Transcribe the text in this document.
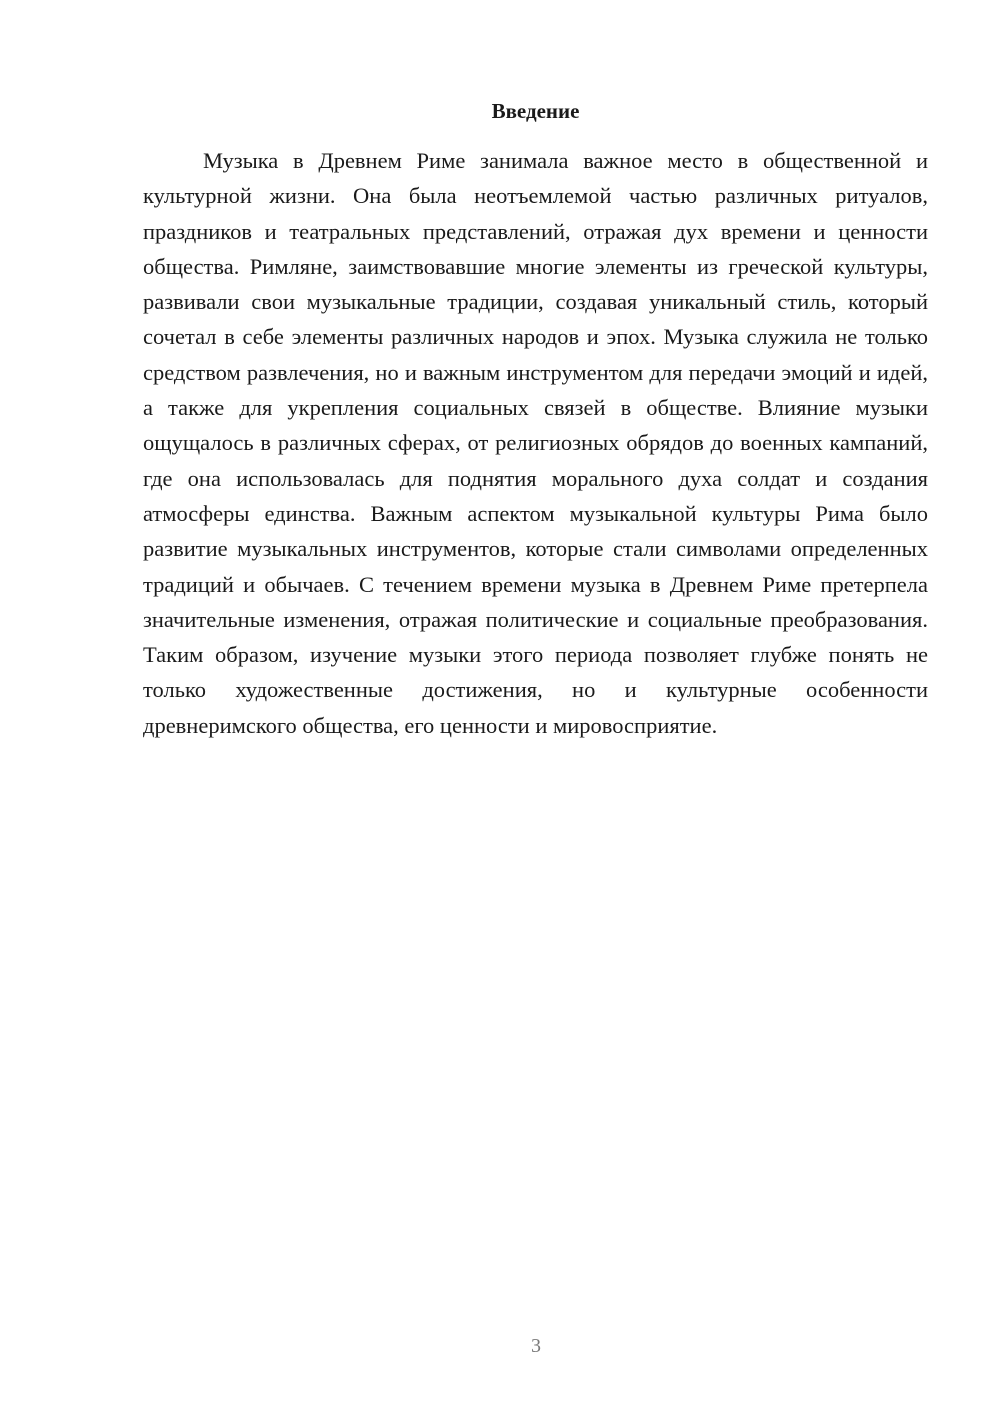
Введение

Музыка в Древнем Риме занимала важное место в общественной и культурной жизни. Она была неотъемлемой частью различных ритуалов, праздников и театральных представлений, отражая дух времени и ценности общества. Римляне, заимствовавшие многие элементы из греческой культуры, развивали свои музыкальные традиции, создавая уникальный стиль, который сочетал в себе элементы различных народов и эпох. Музыка служила не только средством развлечения, но и важным инструментом для передачи эмоций и идей, а также для укрепления социальных связей в обществе. Влияние музыки ощущалось в различных сферах, от религиозных обрядов до военных кампаний, где она использовалась для поднятия морального духа солдат и создания атмосферы единства. Важным аспектом музыкальной культуры Рима было развитие музыкальных инструментов, которые стали символами определенных традиций и обычаев. С течением времени музыка в Древнем Риме претерпела значительные изменения, отражая политические и социальные преобразования. Таким образом, изучение музыки этого периода позволяет глубже понять не только художественные достижения, но и культурные особенности древнеримского общества, его ценности и мировосприятие.

3
